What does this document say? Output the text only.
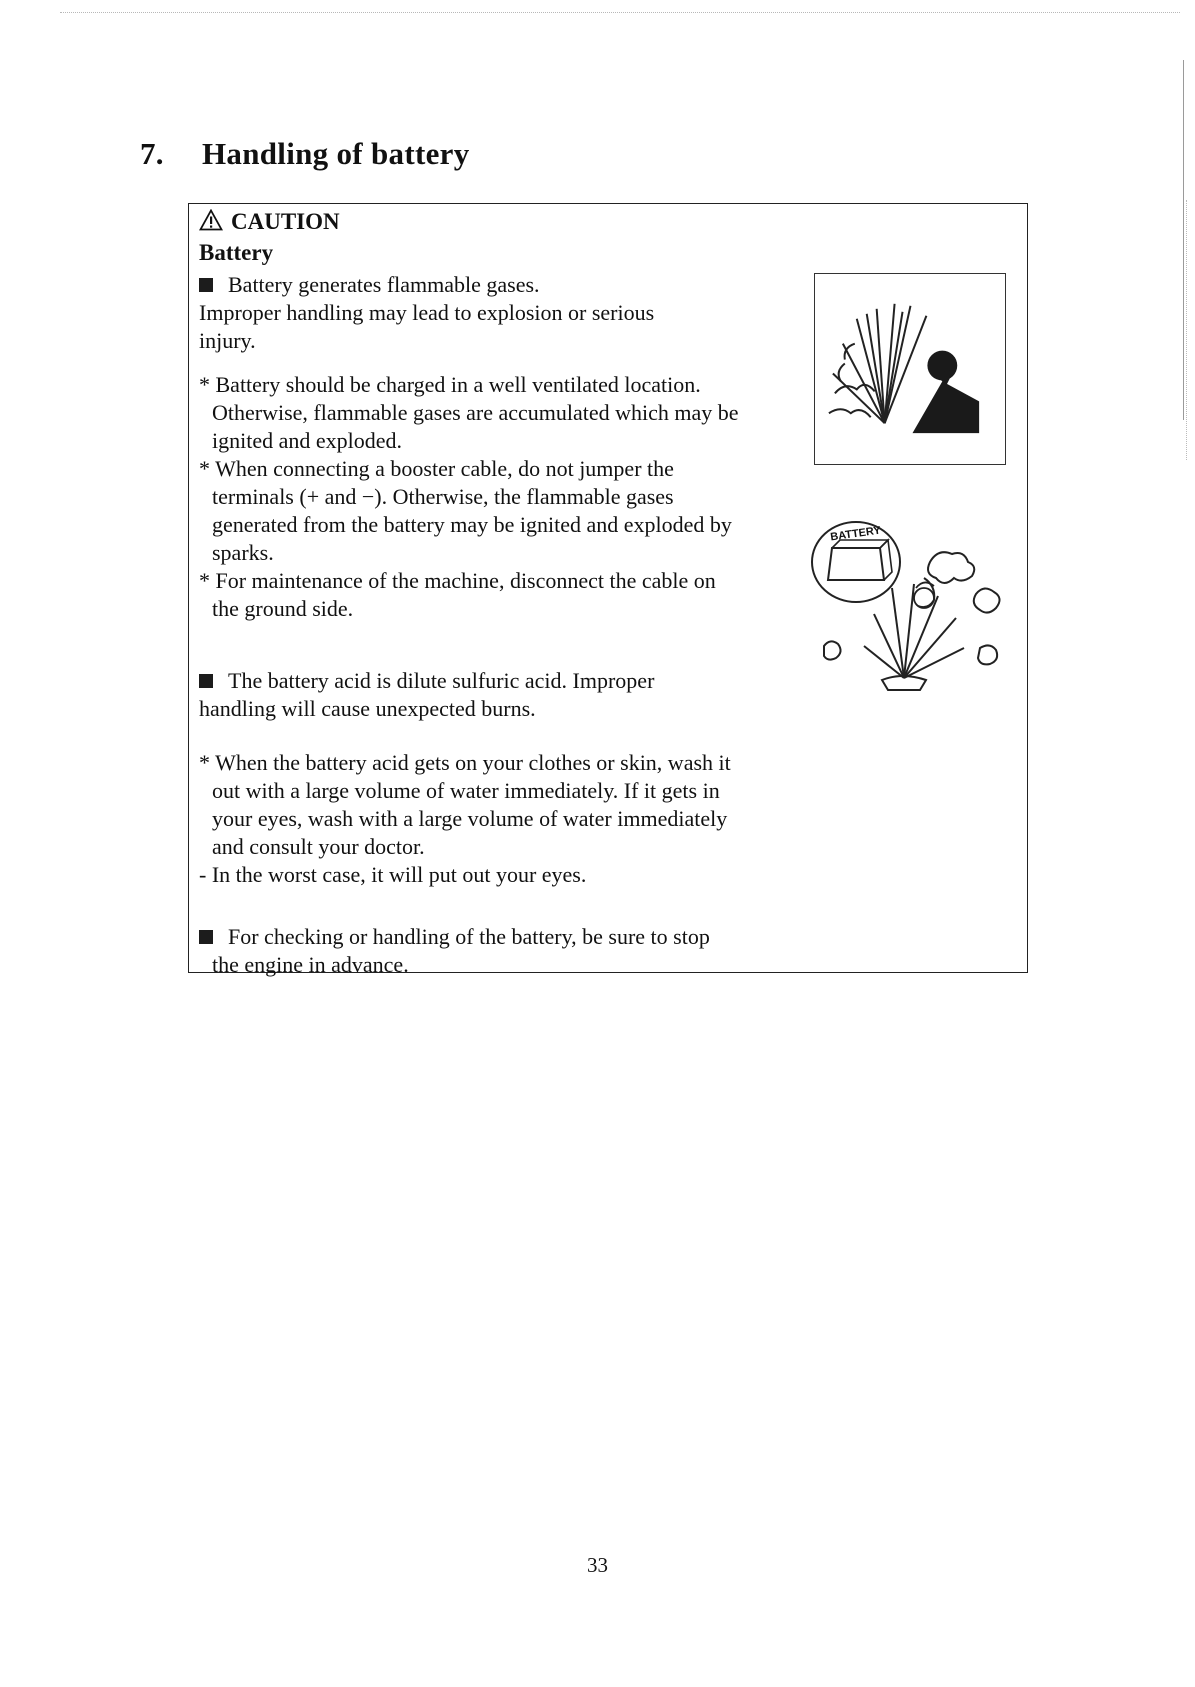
7. Handling of battery
CAUTION
Battery

Battery generates flammable gases.
Improper handling may lead to explosion or serious
injury.

* Battery should be charged in a well ventilated location.
Otherwise, flammable gases are accumulated which may be
ignited and exploded.
* When connecting a booster cable, do not jumper the
terminals (+ and −). Otherwise, the flammable gases
generated from the battery may be ignited and exploded by
sparks.
* For maintenance of the machine, disconnect the cable on
the ground side.

The battery acid is dilute sulfuric acid. Improper
handling will cause unexpected burns.

* When the battery acid gets on your clothes or skin, wash it
out with a large volume of water immediately. If it gets in
your eyes, wash with a large volume of water immediately
and consult your doctor.
- In the worst case, it will put out your eyes.

For checking or handling of the battery, be sure to stop
the engine in advance.

BATTERY
33
